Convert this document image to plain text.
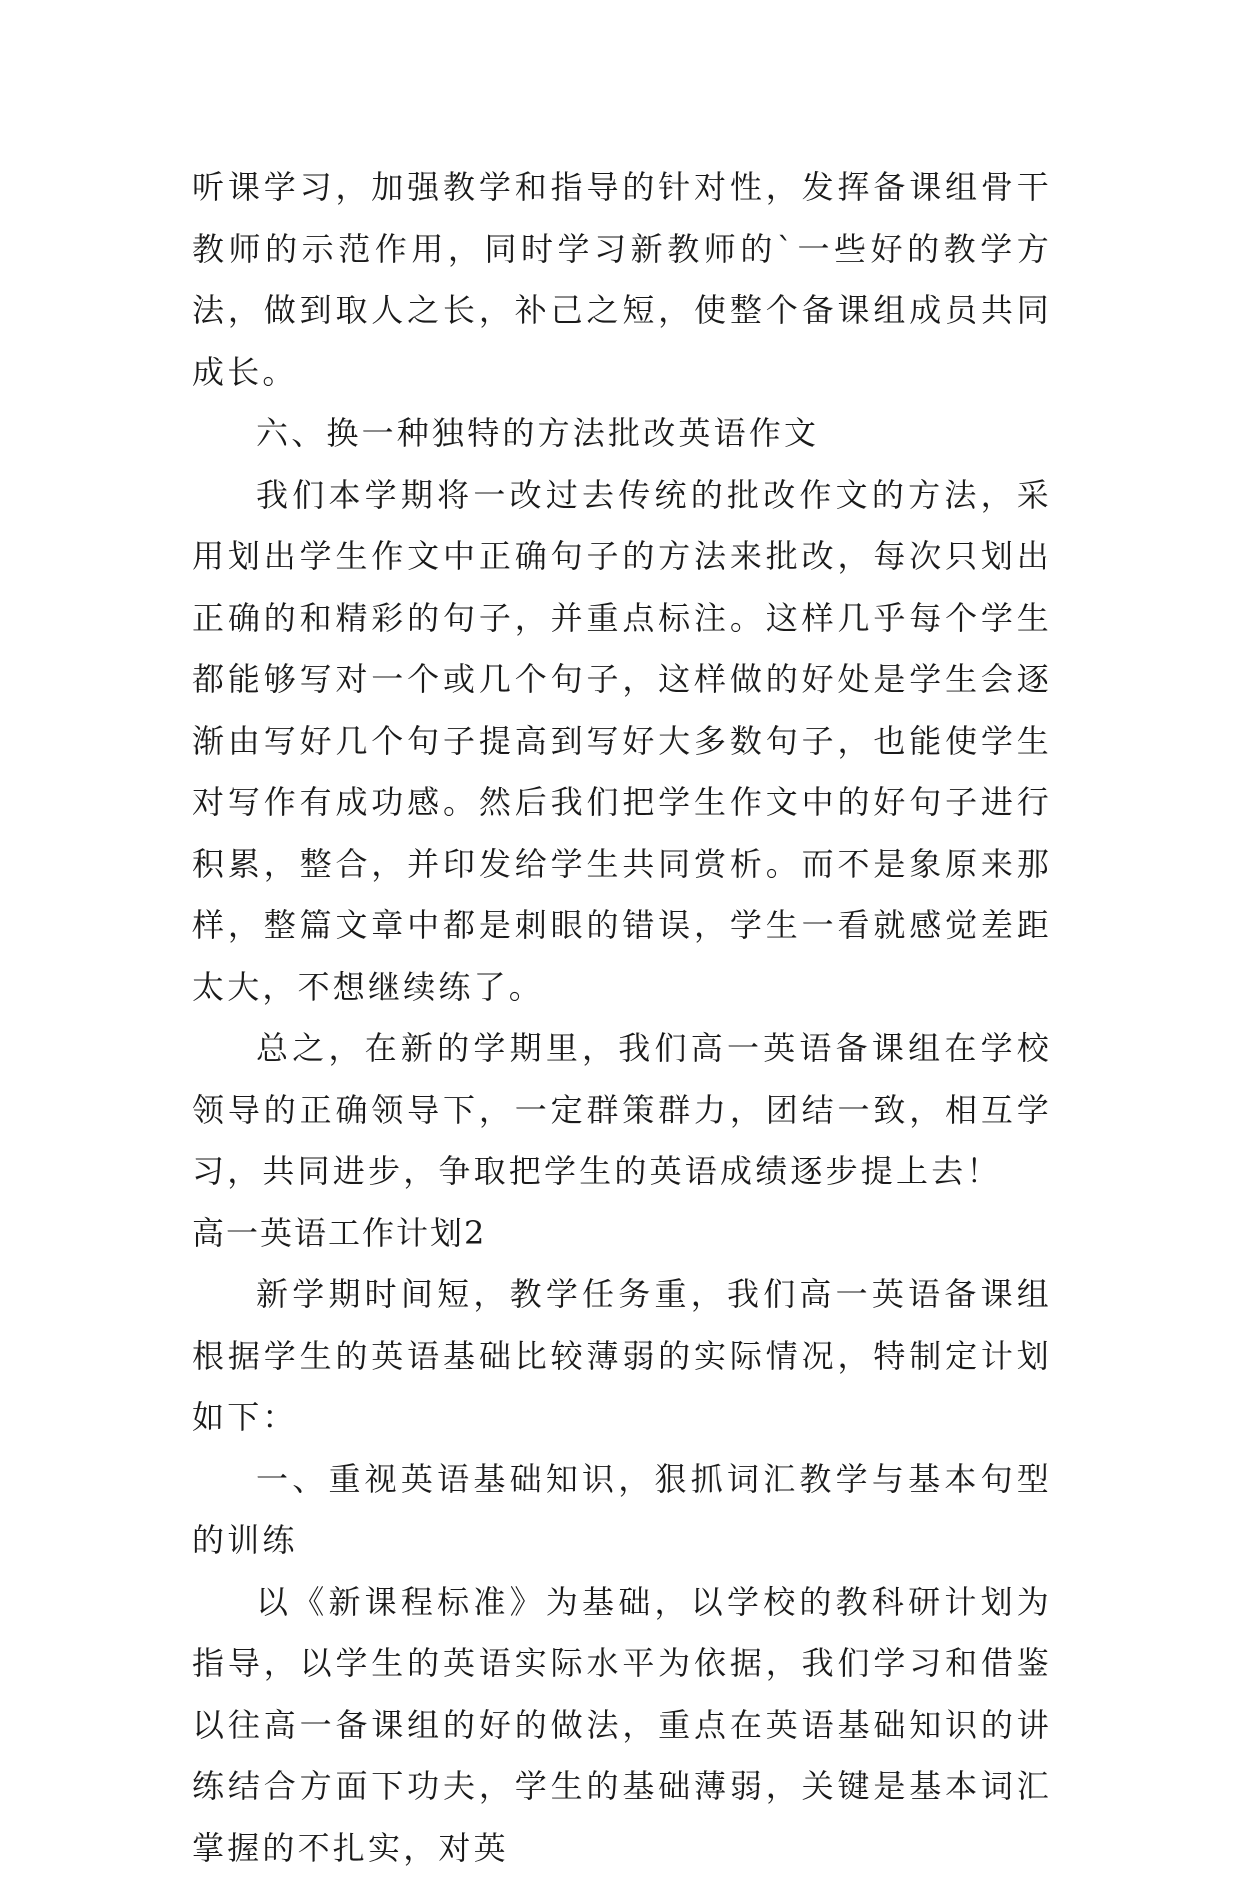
听课学习，加强教学和指导的针对性，发挥备课组骨干教师的示范作用，同时学习新教师的`一些好的教学方法，做到取人之长，补己之短，使整个备课组成员共同成长。

六、换一种独特的方法批改英语作文

我们本学期将一改过去传统的批改作文的方法，采用划出学生作文中正确句子的方法来批改，每次只划出正确的和精彩的句子，并重点标注。这样几乎每个学生都能够写对一个或几个句子，这样做的好处是学生会逐渐由写好几个句子提高到写好大多数句子，也能使学生对写作有成功感。然后我们把学生作文中的好句子进行积累，整合，并印发给学生共同赏析。而不是象原来那样，整篇文章中都是刺眼的错误，学生一看就感觉差距太大，不想继续练了。

总之，在新的学期里，我们高一英语备课组在学校领导的正确领导下，一定群策群力，团结一致，相互学习，共同进步，争取把学生的英语成绩逐步提上去！

高一英语工作计划2

新学期时间短，教学任务重，我们高一英语备课组根据学生的英语基础比较薄弱的实际情况，特制定计划如下：

一、重视英语基础知识，狠抓词汇教学与基本句型的训练

以《新课程标准》为基础，以学校的教科研计划为指导，以学生的英语实际水平为依据，我们学习和借鉴以往高一备课组的好的做法，重点在英语基础知识的讲练结合方面下功夫，学生的基础薄弱，关键是基本词汇掌握的不扎实，对英
